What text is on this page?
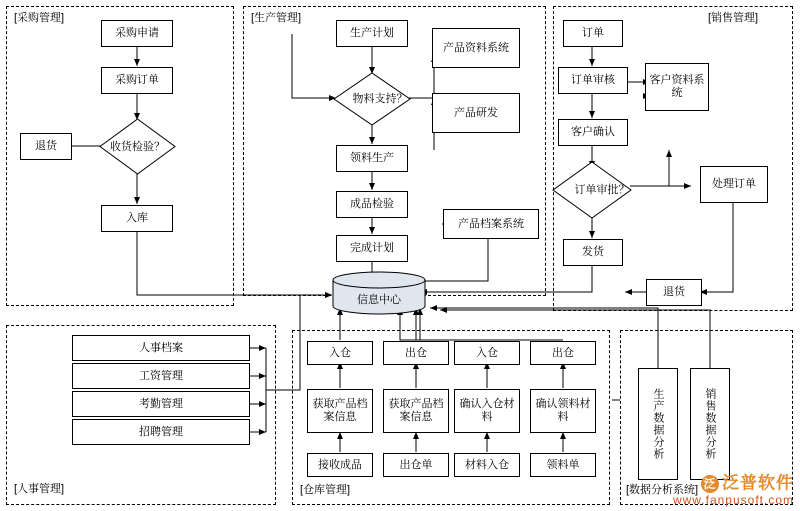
[采购管理]	[生产管理]	[销售管理]
[人事管理]	[仓库管理]	[数据分析系统]
采购申请
采购订单
收货检验？
退货
入库
生产计划
物料支持？
产品资料系统
产品研发
领料生产
成品检验
完成计划
产品档案系统
订单
订单审核	客户资料系统
客户确认
订单审批？	处理订单
发货
退货
信息中心
人事档案
工资管理
考勤管理
招聘管理
入仓	出仓	入仓	出仓
获取产品档案信息
获取产品档案信息
确认入仓材料
确认领料材料
接收成品	出仓单	材料入仓	领料单
生产数据分析	销售数据分析
泛 泛普软件
www.fanpusoft.com
